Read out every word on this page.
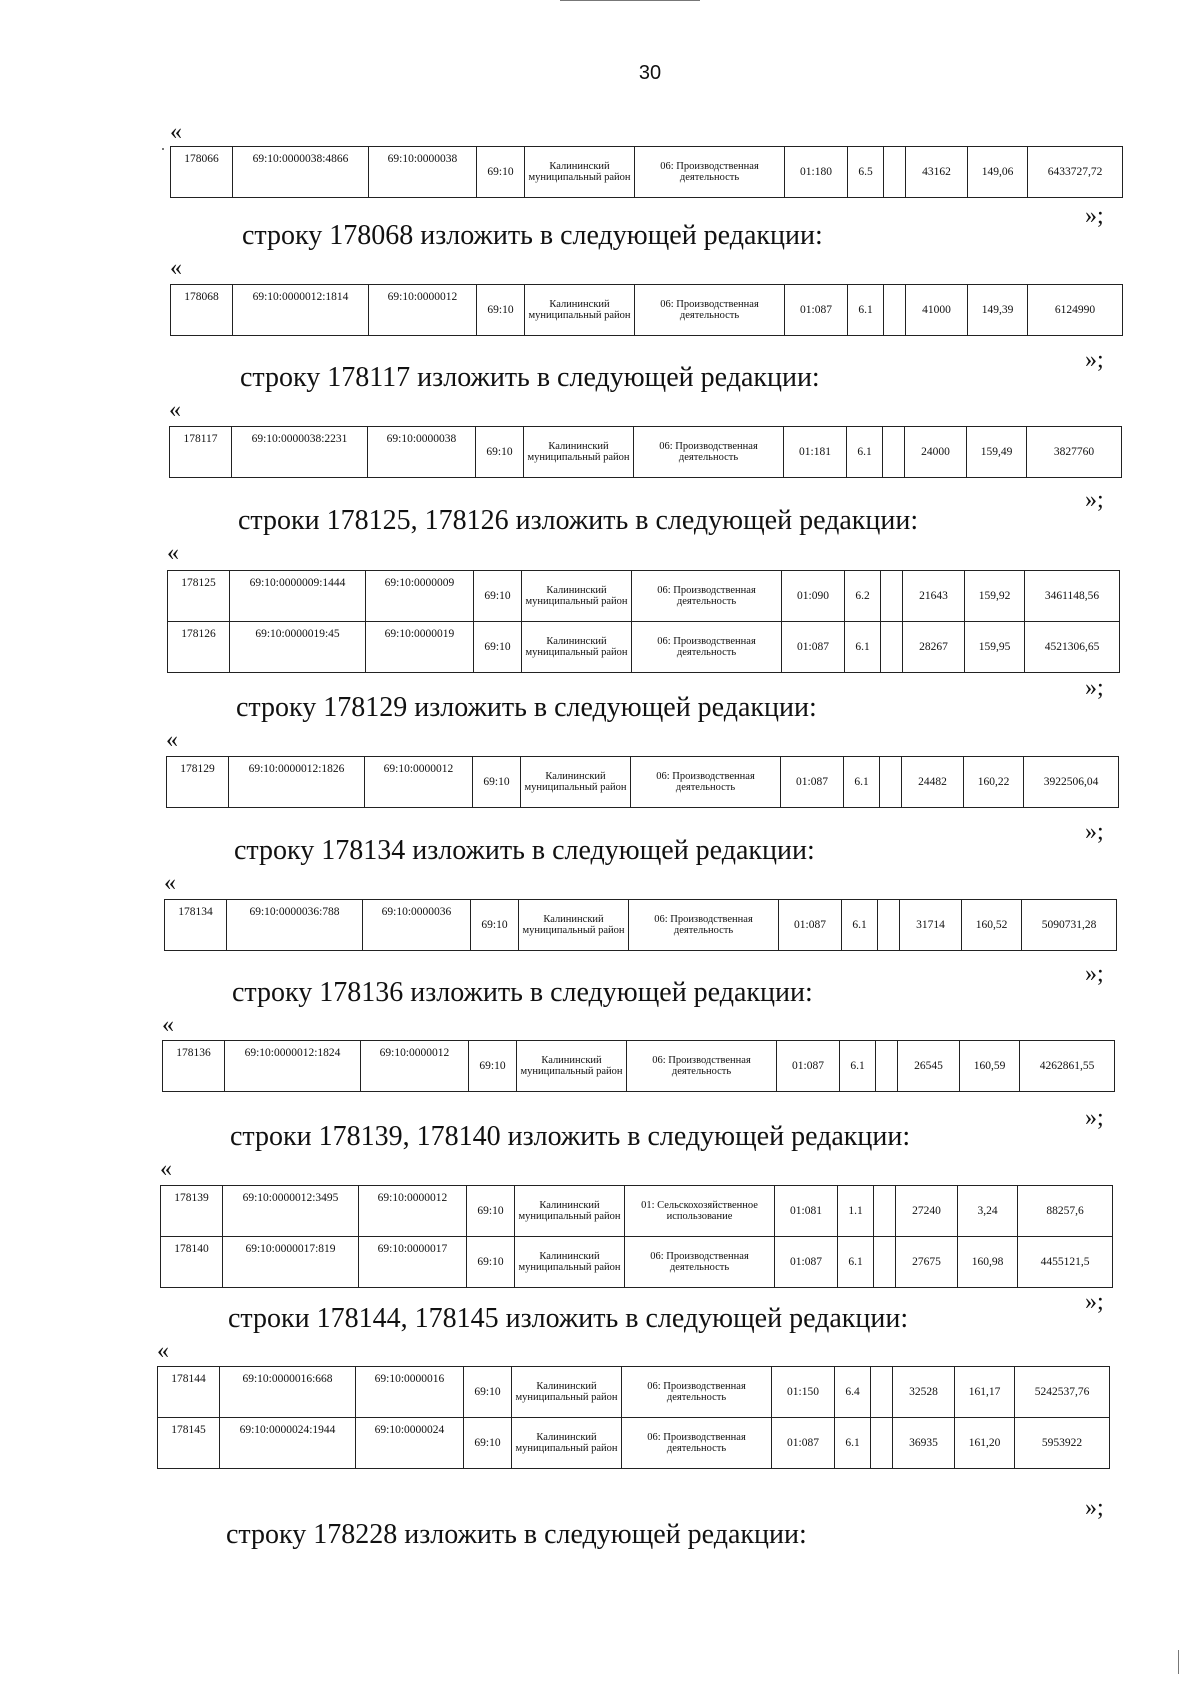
30
«
178066	69:10:0000038:4866	69:10:0000038	69:10	Калининский муниципальный район	06: Производственная деятельность	01:180	6.5		43162	149,06	6433727,72
»;
строку 178068 изложить в следующей редакции:
«
178068	69:10:0000012:1814	69:10:0000012	69:10	Калининский муниципальный район	06: Производственная деятельность	01:087	6.1		41000	149,39	6124990
»;
строку 178117 изложить в следующей редакции:
«
178117	69:10:0000038:2231	69:10:0000038	69:10	Калининский муниципальный район	06: Производственная деятельность	01:181	6.1		24000	159,49	3827760
»;
строки 178125, 178126 изложить в следующей редакции:
«
178125	69:10:0000009:1444	69:10:0000009	69:10	Калининский муниципальный район	06: Производственная деятельность	01:090	6.2		21643	159,92	3461148,56
178126	69:10:0000019:45	69:10:0000019	69:10	Калининский муниципальный район	06: Производственная деятельность	01:087	6.1		28267	159,95	4521306,65
»;
строку 178129 изложить в следующей редакции:
«
178129	69:10:0000012:1826	69:10:0000012	69:10	Калининский муниципальный район	06: Производственная деятельность	01:087	6.1		24482	160,22	3922506,04
»;
строку 178134 изложить в следующей редакции:
«
178134	69:10:0000036:788	69:10:0000036	69:10	Калининский муниципальный район	06: Производственная деятельность	01:087	6.1		31714	160,52	5090731,28
»;
строку 178136 изложить в следующей редакции:
«
178136	69:10:0000012:1824	69:10:0000012	69:10	Калининский муниципальный район	06: Производственная деятельность	01:087	6.1		26545	160,59	4262861,55
»;
строки 178139, 178140 изложить в следующей редакции:
«
178139	69:10:0000012:3495	69:10:0000012	69:10	Калининский муниципальный район	01: Сельскохозяйственное использование	01:081	1.1		27240	3,24	88257,6
178140	69:10:0000017:819	69:10:0000017	69:10	Калининский муниципальный район	06: Производственная деятельность	01:087	6.1		27675	160,98	4455121,5
»;
строки 178144, 178145 изложить в следующей редакции:
«
178144	69:10:0000016:668	69:10:0000016	69:10	Калининский муниципальный район	06: Производственная деятельность	01:150	6.4		32528	161,17	5242537,76
178145	69:10:0000024:1944	69:10:0000024	69:10	Калининский муниципальный район	06: Производственная деятельность	01:087	6.1		36935	161,20	5953922
»;
строку 178228 изложить в следующей редакции:
